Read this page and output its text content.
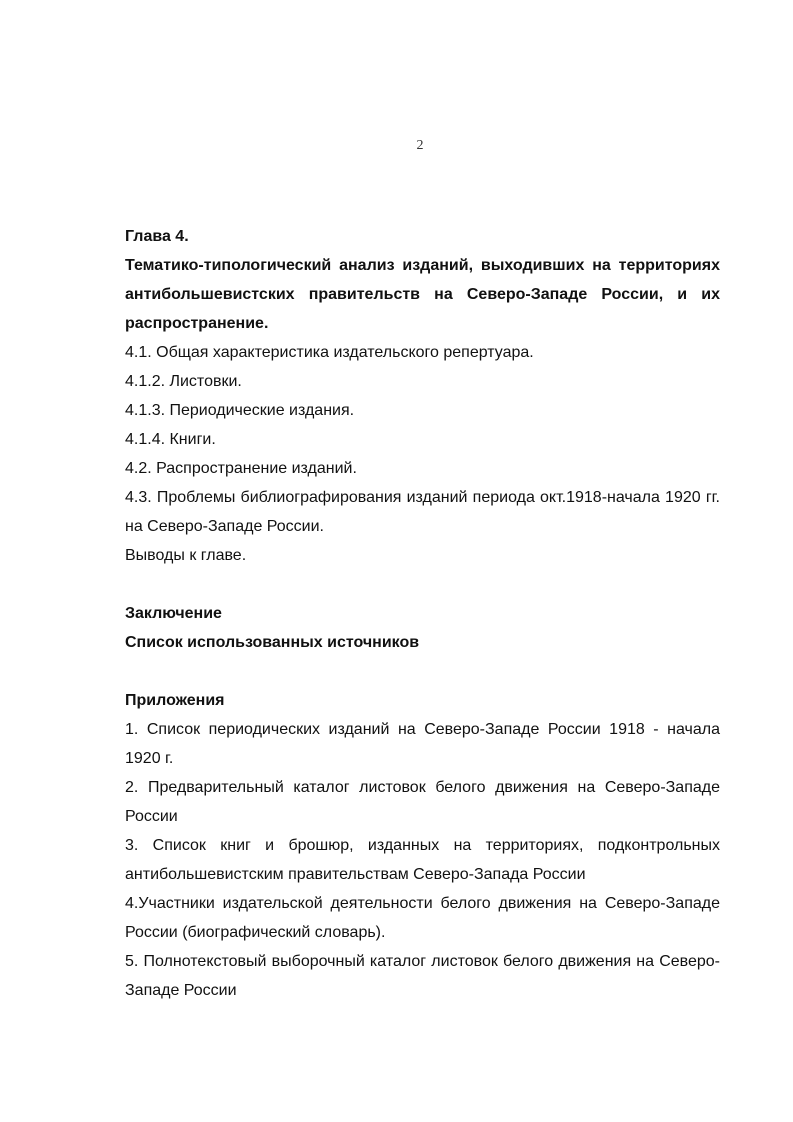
2

Глава 4.

Тематико-типологический анализ изданий, выходивших на территориях антибольшевистских правительств на Северо-Западе России, и их распространение.

4.1. Общая характеристика издательского репертуара.

4.1.2. Листовки.

4.1.3. Периодические издания.

4.1.4. Книги.

4.2. Распространение изданий.

4.3. Проблемы библиографирования изданий периода окт.1918-начала 1920 гг. на Северо-Западе России.

Выводы к главе.

Заключение

Список использованных источников

Приложения

1. Список периодических изданий на Северо-Западе России 1918 - начала 1920 г.

2. Предварительный каталог листовок белого движения на Северо-Западе России

3. Список книг и брошюр, изданных на территориях, подконтрольных антибольшевистским правительствам Северо-Запада России

4.Участники издательской деятельности белого движения на Северо-Западе России (биографический словарь).

5. Полнотекстовый выборочный каталог листовок белого движения на Северо-Западе России
